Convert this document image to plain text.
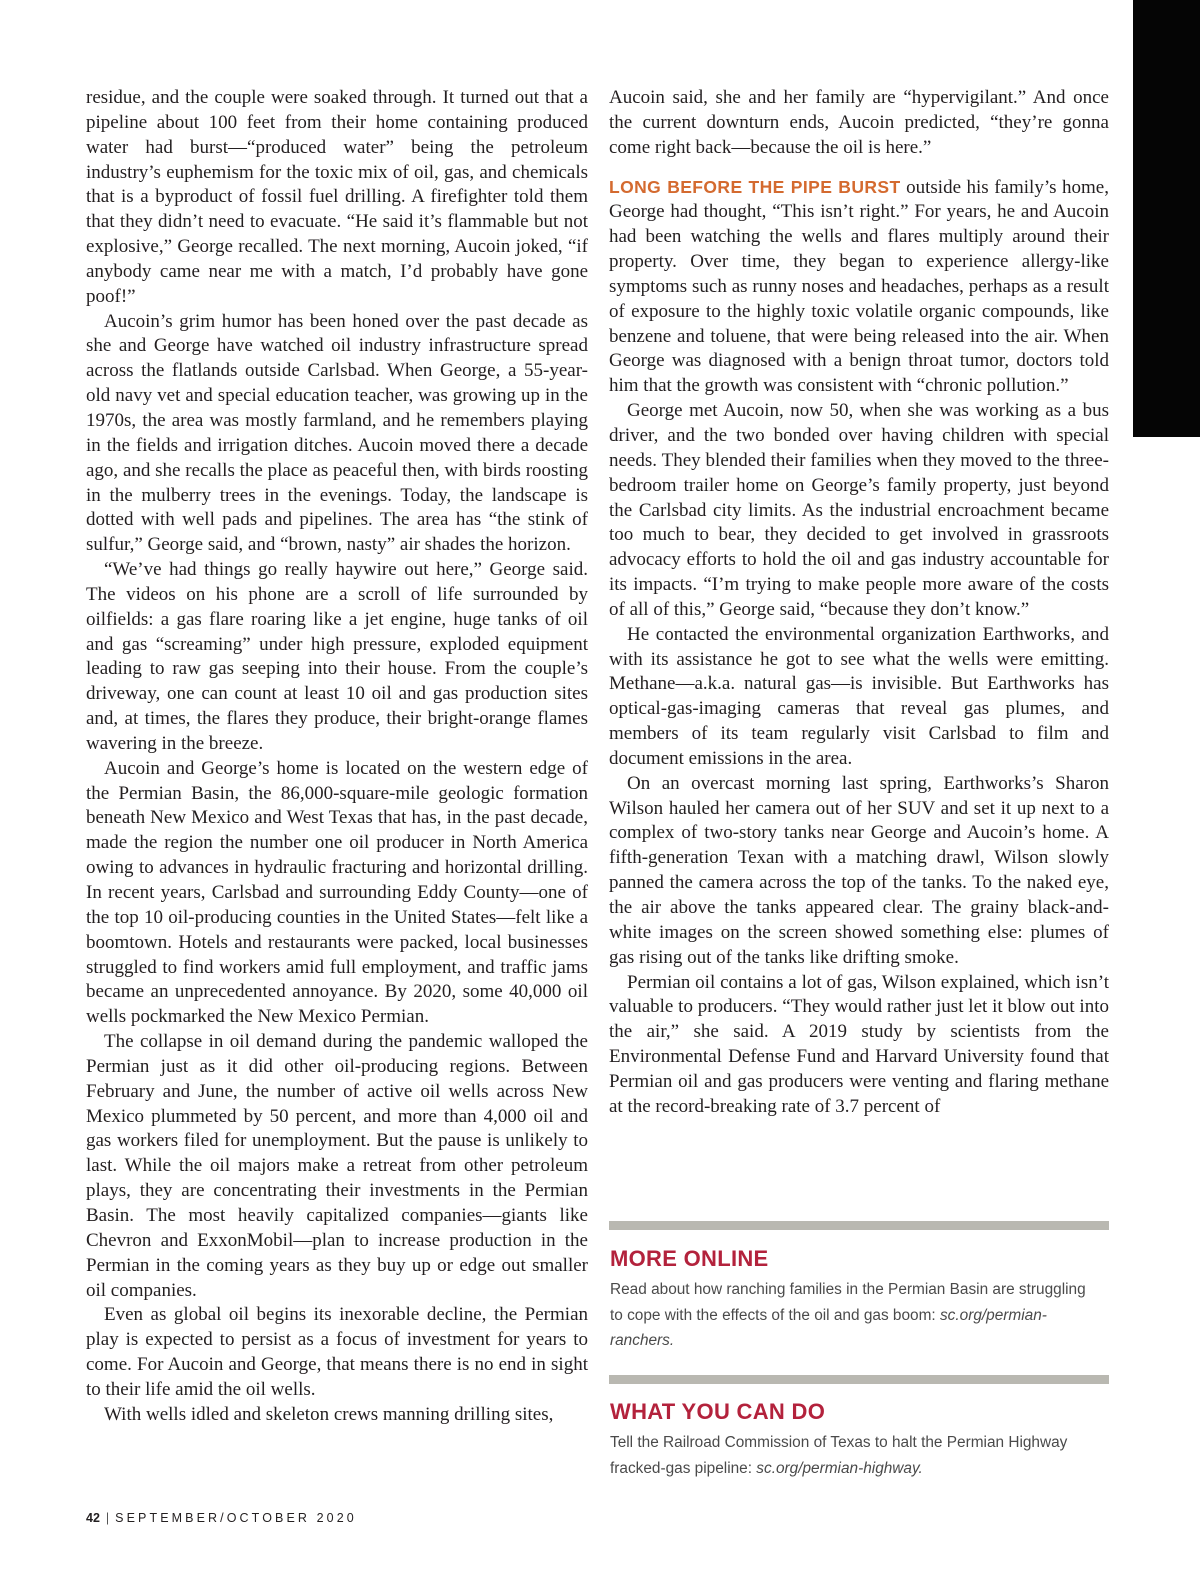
residue, and the couple were soaked through. It turned out that a pipeline about 100 feet from their home containing produced water had burst—“produced water” being the petroleum industry’s euphemism for the toxic mix of oil, gas, and chemicals that is a byproduct of fossil fuel drilling. A firefighter told them that they didn’t need to evacuate. “He said it’s flammable but not explosive,” George recalled. The next morning, Aucoin joked, “if anybody came near me with a match, I’d probably have gone poof!”

Aucoin’s grim humor has been honed over the past decade as she and George have watched oil industry infrastructure spread across the flatlands outside Carlsbad. When George, a 55-year-old navy vet and special education teacher, was growing up in the 1970s, the area was mostly farmland, and he remembers playing in the fields and irrigation ditches. Aucoin moved there a decade ago, and she recalls the place as peaceful then, with birds roosting in the mulberry trees in the evenings. Today, the landscape is dotted with well pads and pipelines. The area has “the stink of sulfur,” George said, and “brown, nasty” air shades the horizon.

“We’ve had things go really haywire out here,” George said. The videos on his phone are a scroll of life surrounded by oilfields: a gas flare roaring like a jet engine, huge tanks of oil and gas “screaming” under high pressure, exploded equipment leading to raw gas seeping into their house. From the couple’s driveway, one can count at least 10 oil and gas production sites and, at times, the flares they produce, their bright-orange flames wavering in the breeze.

Aucoin and George’s home is located on the western edge of the Permian Basin, the 86,000-square-mile geologic formation beneath New Mexico and West Texas that has, in the past decade, made the region the number one oil producer in North America owing to advances in hydraulic fracturing and horizontal drilling. In recent years, Carlsbad and surrounding Eddy County—one of the top 10 oil-producing counties in the United States—felt like a boomtown. Hotels and restaurants were packed, local businesses struggled to find workers amid full employment, and traffic jams became an unprecedented annoyance. By 2020, some 40,000 oil wells pockmarked the New Mexico Permian.

The collapse in oil demand during the pandemic walloped the Permian just as it did other oil-producing regions. Between February and June, the number of active oil wells across New Mexico plummeted by 50 percent, and more than 4,000 oil and gas workers filed for unemployment. But the pause is unlikely to last. While the oil majors make a retreat from other petroleum plays, they are concentrating their investments in the Permian Basin. The most heavily capitalized companies—giants like Chevron and ExxonMobil—plan to increase production in the Permian in the coming years as they buy up or edge out smaller oil companies.

Even as global oil begins its inexorable decline, the Permian play is expected to persist as a focus of investment for years to come. For Aucoin and George, that means there is no end in sight to their life amid the oil wells.

With wells idled and skeleton crews manning drilling sites,

Aucoin said, she and her family are “hypervigilant.” And once the current downturn ends, Aucoin predicted, “they’re gonna come right back—because the oil is here.”

LONG BEFORE THE PIPE BURST outside his family’s home, George had thought, “This isn’t right.” For years, he and Aucoin had been watching the wells and flares multiply around their property. Over time, they began to experience allergy-like symptoms such as runny noses and headaches, perhaps as a result of exposure to the highly toxic volatile organic compounds, like benzene and toluene, that were being released into the air. When George was diagnosed with a benign throat tumor, doctors told him that the growth was consistent with “chronic pollution.”

George met Aucoin, now 50, when she was working as a bus driver, and the two bonded over having children with special needs. They blended their families when they moved to the three-bedroom trailer home on George’s family property, just beyond the Carlsbad city limits. As the industrial encroachment became too much to bear, they decided to get involved in grassroots advocacy efforts to hold the oil and gas industry accountable for its impacts. “I’m trying to make people more aware of the costs of all of this,” George said, “because they don’t know.”

He contacted the environmental organization Earthworks, and with its assistance he got to see what the wells were emitting. Methane—a.k.a. natural gas—is invisible. But Earthworks has optical-gas-imaging cameras that reveal gas plumes, and members of its team regularly visit Carlsbad to film and document emissions in the area.

On an overcast morning last spring, Earthworks’s Sharon Wilson hauled her camera out of her SUV and set it up next to a complex of two-story tanks near George and Aucoin’s home. A fifth-generation Texan with a matching drawl, Wilson slowly panned the camera across the top of the tanks. To the naked eye, the air above the tanks appeared clear. The grainy black-and-white images on the screen showed something else: plumes of gas rising out of the tanks like drifting smoke.

Permian oil contains a lot of gas, Wilson explained, which isn’t valuable to producers. “They would rather just let it blow out into the air,” she said. A 2019 study by scientists from the Environmental Defense Fund and Harvard University found that Permian oil and gas producers were venting and flaring methane at the record-breaking rate of 3.7 percent of

MORE ONLINE

Read about how ranching families in the Permian Basin are struggling to cope with the effects of the oil and gas boom: sc.org/permian-ranchers.

WHAT YOU CAN DO

Tell the Railroad Commission of Texas to halt the Permian Highway fracked-gas pipeline: sc.org/permian-highway.

42 | SEPTEMBER/OCTOBER 2020
